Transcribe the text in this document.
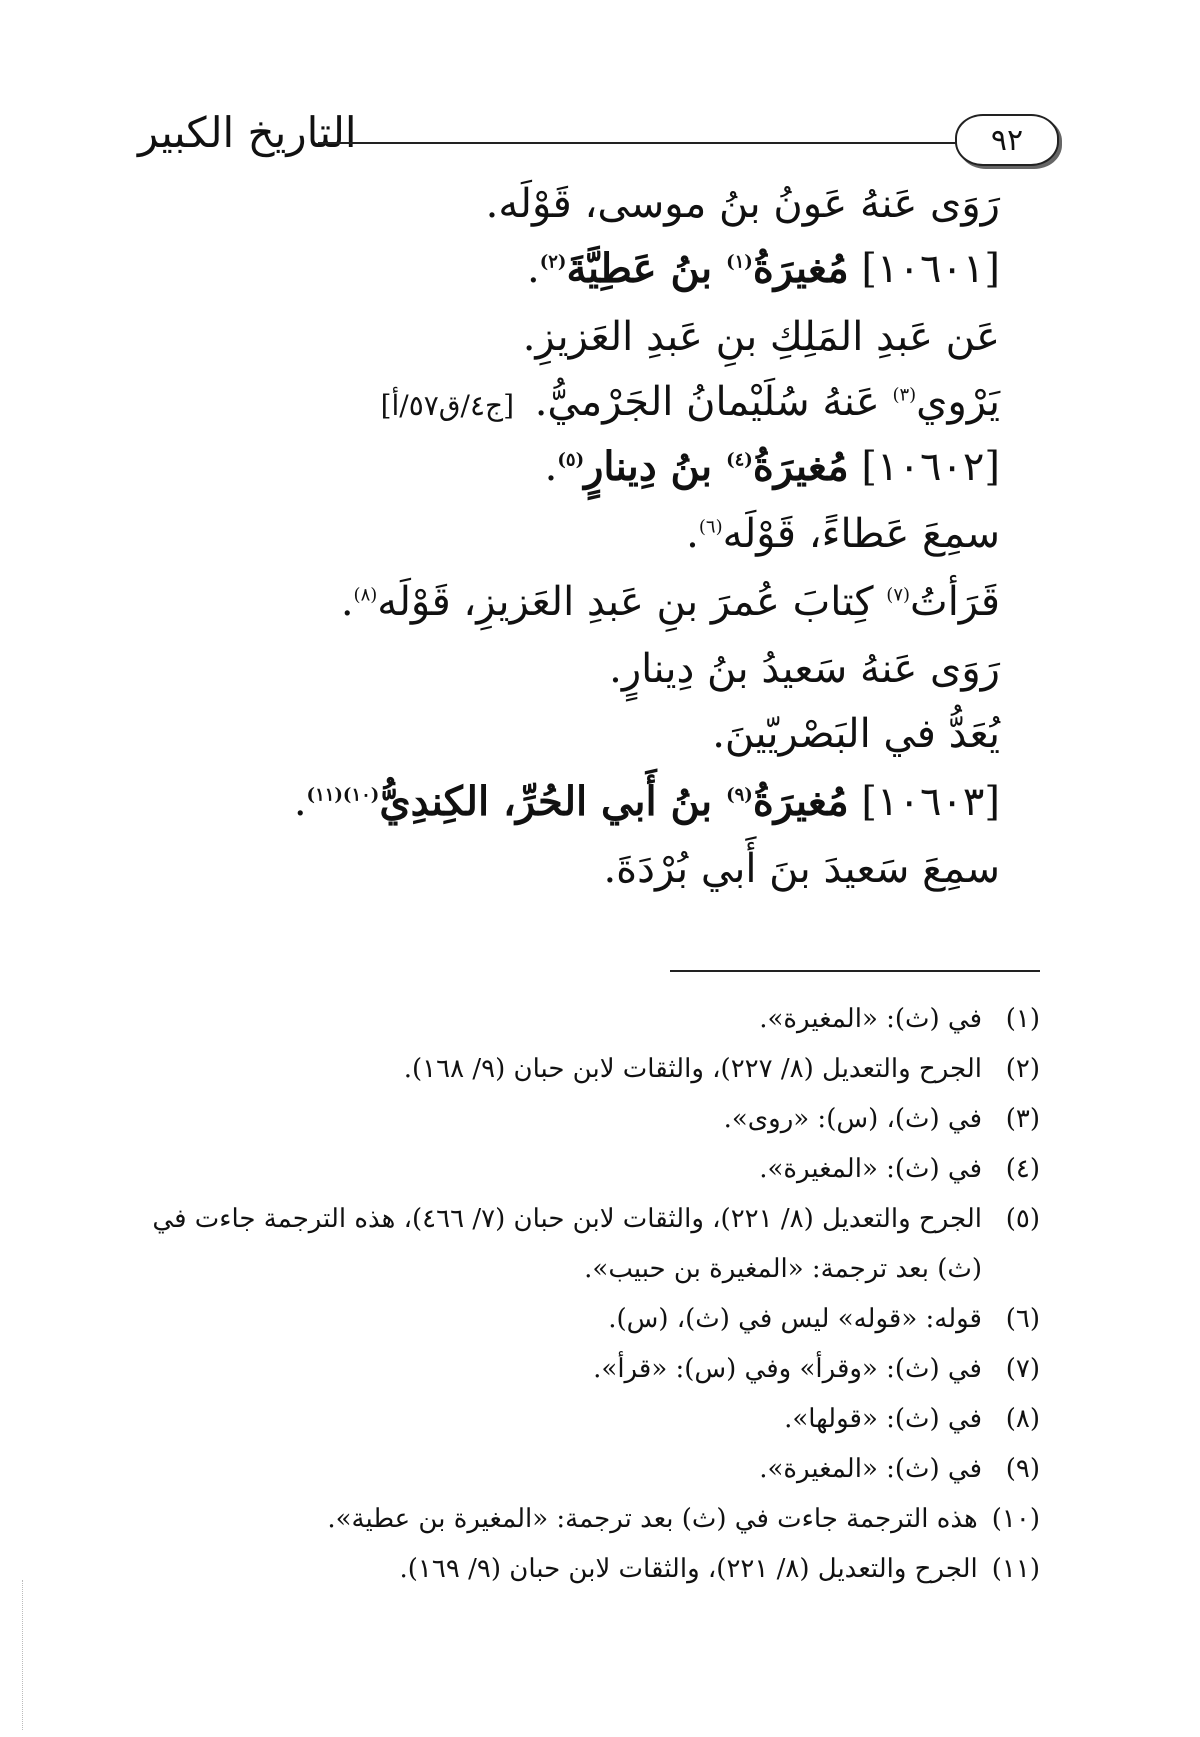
التاريخ الكبير	٩٢
رَوَى عَنهُ عَونُ بنُ موسى، قَوْلَه.
[١٠٦٠١] مُغيرَةُ$^{(١)}$ بنُ عَطِيَّةَ$^{(٢)}$.
عَن عَبدِ المَلِكِ بنِ عَبدِ العَزيزِ.
يَرْوي$^{(٣)}$ عَنهُ سُلَيْمانُ الجَرْميُّ. [ج٤/ق٥٧/أ]
[١٠٦٠٢] مُغيرَةُ$^{(٤)}$ بنُ دِينارٍ$^{(٥)}$.
سمِعَ عَطاءً، قَوْلَه$^{(٦)}$.
قَرَأتُ$^{(٧)}$ كِتابَ عُمرَ بنِ عَبدِ العَزيزِ، قَوْلَه$^{(٨)}$.
رَوَى عَنهُ سَعيدُ بنُ دِينارٍ.
يُعَدُّ في البَصْريّينَ.
[١٠٦٠٣] مُغيرَةُ$^{(٩)}$ بنُ أَبي الحُرِّ، الكِندِيُّ$^{(١٠)(١١)}$.
سمِعَ سَعيدَ بنَ أَبي بُرْدَةَ.
(١)في (ث): «المغيرة».
(٢)الجرح والتعديل (٨/ ٢٢٧)، والثقات لابن حبان (٩/ ١٦٨).
(٣)في (ث)، (س): «روى».
(٤)في (ث): «المغيرة».
(٥)الجرح والتعديل (٨/ ٢٢١)، والثقات لابن حبان (٧/ ٤٦٦)، هذه الترجمة جاءت في
(ث) بعد ترجمة: «المغيرة بن حبيب».
(٦)قوله: «قوله» ليس في (ث)، (س).
(٧)في (ث): «وقرأ» وفي (س): «قرأ».
(٨)في (ث): «قولها».
(٩)في (ث): «المغيرة».
(١٠)هذه الترجمة جاءت في (ث) بعد ترجمة: «المغيرة بن عطية».
(١١)الجرح والتعديل (٨/ ٢٢١)، والثقات لابن حبان (٩/ ١٦٩).
